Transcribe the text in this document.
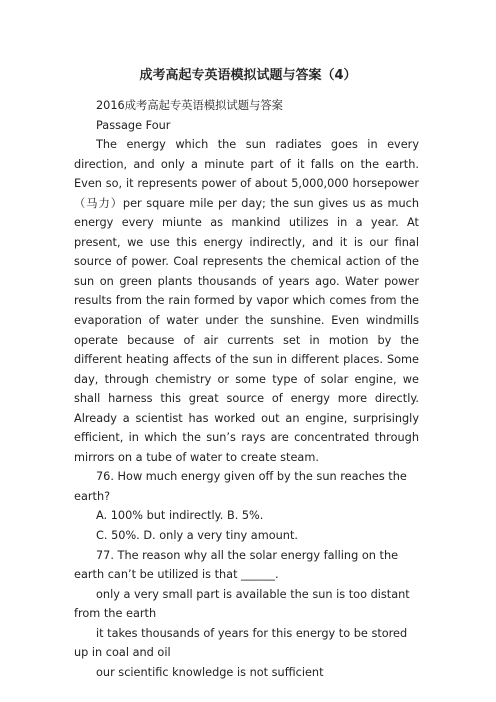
成考高起专英语模拟试题与答案（4）

2016成考高起专英语模拟试题与答案

Passage Four

The energy which the sun radiates goes in every direction, and only a minute part of it falls on the earth. Even so, it represents power of about 5,000,000 horsepower（马力）per square mile per day; the sun gives us as much energy every miunte as mankind utilizes in a year. At present, we use this energy indirectly, and it is our final source of power. Coal represents the chemical action of the sun on green plants thousands of years ago. Water power results from the rain formed by vapor which comes from the evaporation of water under the sunshine. Even windmills operate because of air currents set in motion by the different heating affects of the sun in different places. Some day, through chemistry or some type of solar engine, we shall harness this great source of energy more directly. Already a scientist has worked out an engine, surprisingly efficient, in which the sun’s rays are concentrated through mirrors on a tube of water to create steam.

76. How much energy given off by the sun reaches the earth?

A. 100% but indirectly. B. 5%.

C. 50%. D. only a very tiny amount.

77. The reason why all the solar energy falling on the earth can’t be utilized is that ______.

only a very small part is available the sun is too distant from the earth

it takes thousands of years for this energy to be stored up in coal and oil

our scientific knowledge is not sufficient
